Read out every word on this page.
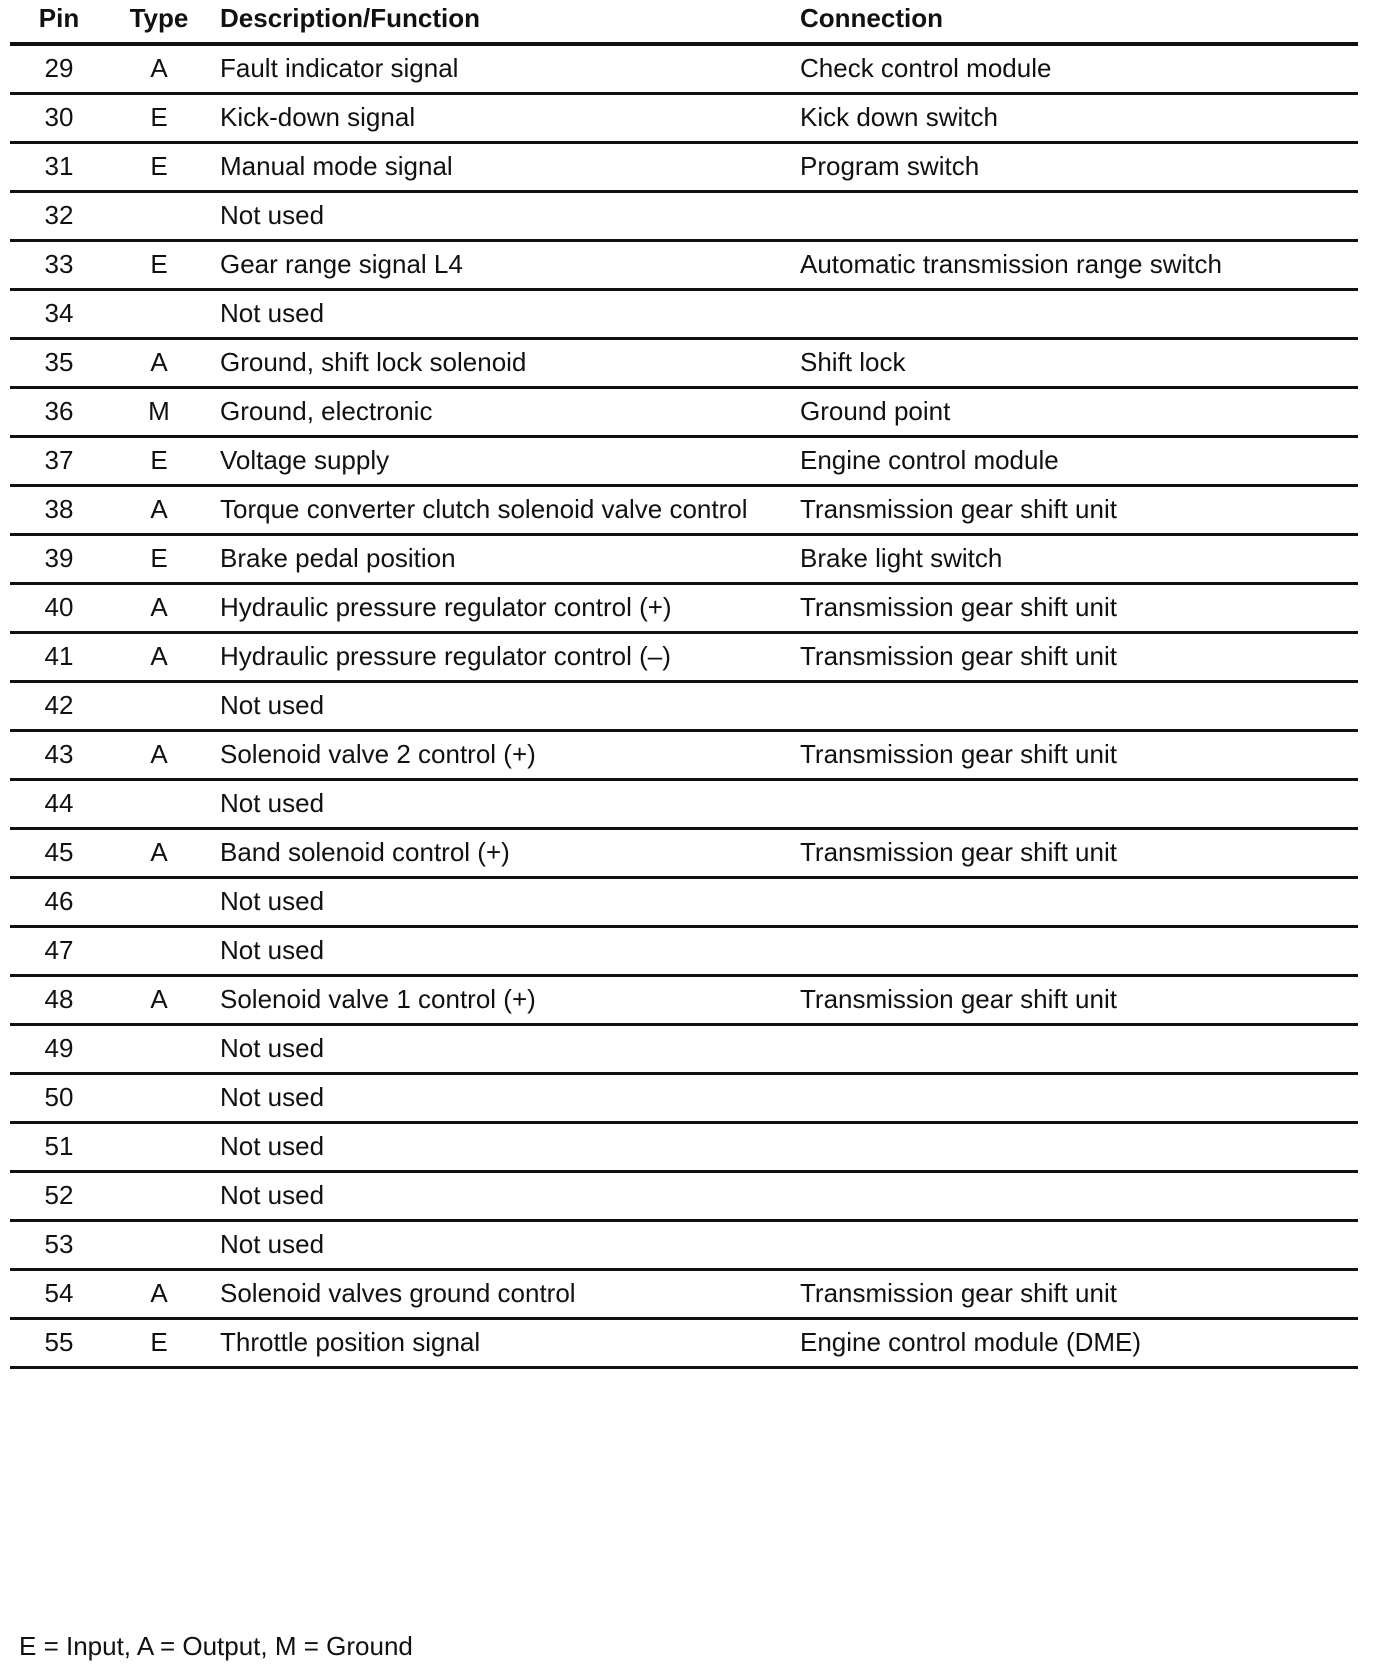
Pin	Type	Description/Function	Connection
29	A	Fault indicator signal	Check control module
30	E	Kick-down signal	Kick down switch
31	E	Manual mode signal	Program switch
32		Not used	
33	E	Gear range signal L4	Automatic transmission range switch
34		Not used	
35	A	Ground, shift lock solenoid	Shift lock
36	M	Ground, electronic	Ground point
37	E	Voltage supply	Engine control module
38	A	Torque converter clutch solenoid valve control	Transmission gear shift unit
39	E	Brake pedal position	Brake light switch
40	A	Hydraulic pressure regulator control (+)	Transmission gear shift unit
41	A	Hydraulic pressure regulator control (–)	Transmission gear shift unit
42		Not used	
43	A	Solenoid valve 2 control (+)	Transmission gear shift unit
44		Not used	
45	A	Band solenoid control (+)	Transmission gear shift unit
46		Not used	
47		Not used	
48	A	Solenoid valve 1 control (+)	Transmission gear shift unit
49		Not used	
50		Not used	
51		Not used	
52		Not used	
53		Not used	
54	A	Solenoid valves ground control	Transmission gear shift unit
55	E	Throttle position signal	Engine control module (DME)
E = Input, A = Output, M = Ground
